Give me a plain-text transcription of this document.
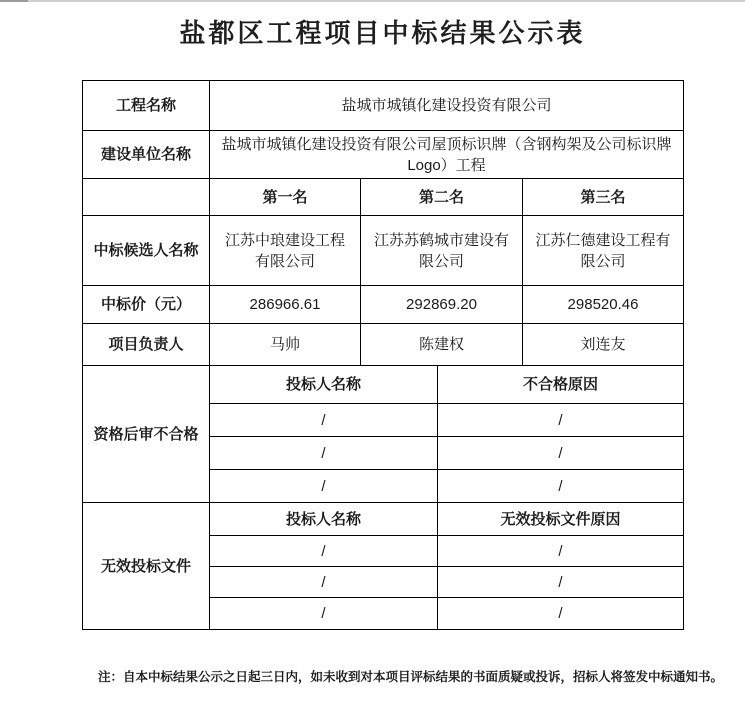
盐都区工程项目中标结果公示表
工程名称	盐城市城镇化建设投资有限公司			
建设单位名称	盐城市城镇化建设投资有限公司屋顶标识牌（含钢构架及公司标识牌Logo）工程			
	第一名	第二名		第三名
中标候选人名称	江苏中琅建设工程有限公司	江苏苏鹤城市建设有限公司		江苏仁德建设工程有限公司
中标价（元）	286966.61	292869.20		298520.46
项目负责人	马帅	陈建权		刘连友
资格后审不合格	投标人名称		不合格原因	
	/		/	
	/		/	
	/		/	
无效投标文件	投标人名称		无效投标文件原因	
	/		/	
	/		/	
	/		/	

注：自本中标结果公示之日起三日内，如未收到对本项目评标结果的书面质疑或投诉，招标人将签发中标通知书。
